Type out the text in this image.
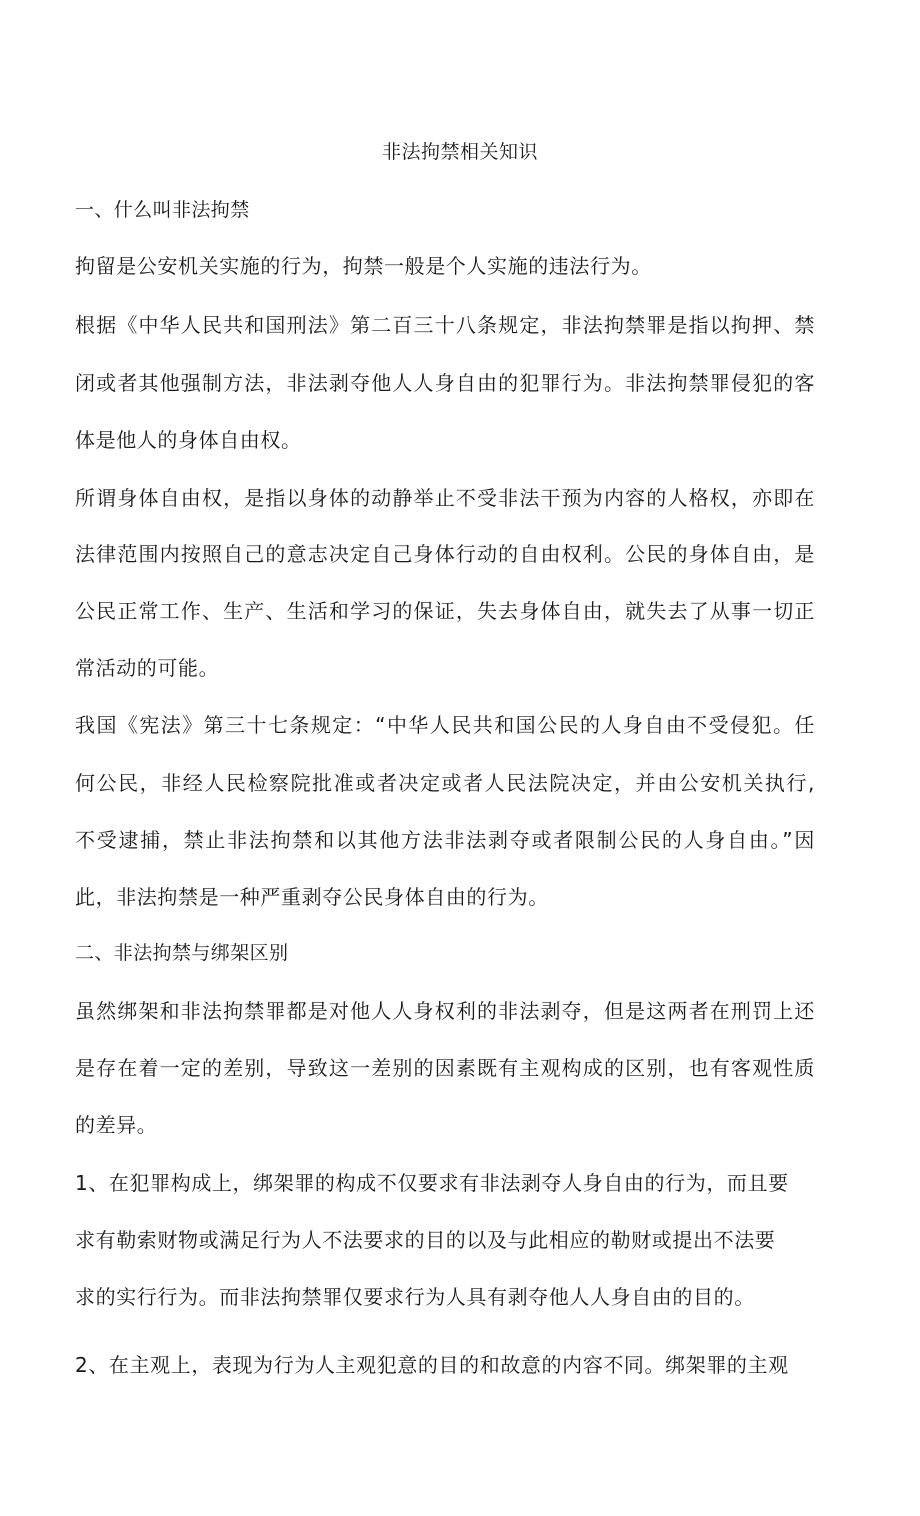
非法拘禁相关知识
一、什么叫非法拘禁
拘留是公安机关实施的行为，拘禁一般是个人实施的违法行为。
根据《中华人民共和国刑法》第二百三十八条规定，非法拘禁罪是指以拘押、禁
闭或者其他强制方法，非法剥夺他人人身自由的犯罪行为。非法拘禁罪侵犯的客
体是他人的身体自由权。
所谓身体自由权，是指以身体的动静举止不受非法干预为内容的人格权，亦即在
法律范围内按照自己的意志决定自己身体行动的自由权利。公民的身体自由，是
公民正常工作、生产、生活和学习的保证，失去身体自由，就失去了从事一切正
常活动的可能。
我国《宪法》第三十七条规定：“中华人民共和国公民的人身自由不受侵犯。任
何公民，非经人民检察院批准或者决定或者人民法院决定，并由公安机关执行,
不受逮捕，禁止非法拘禁和以其他方法非法剥夺或者限制公民的人身自由。”因
此，非法拘禁是一种严重剥夺公民身体自由的行为。
二、非法拘禁与绑架区别
虽然绑架和非法拘禁罪都是对他人人身权利的非法剥夺，但是这两者在刑罚上还
是存在着一定的差别，导致这一差别的因素既有主观构成的区别，也有客观性质
的差异。
1、在犯罪构成上，绑架罪的构成不仅要求有非法剥夺人身自由的行为，而且要
求有勒索财物或满足行为人不法要求的目的以及与此相应的勒财或提出不法要
求的实行行为。而非法拘禁罪仅要求行为人具有剥夺他人人身自由的目的。
2、在主观上，表现为行为人主观犯意的目的和故意的内容不同。绑架罪的主观
